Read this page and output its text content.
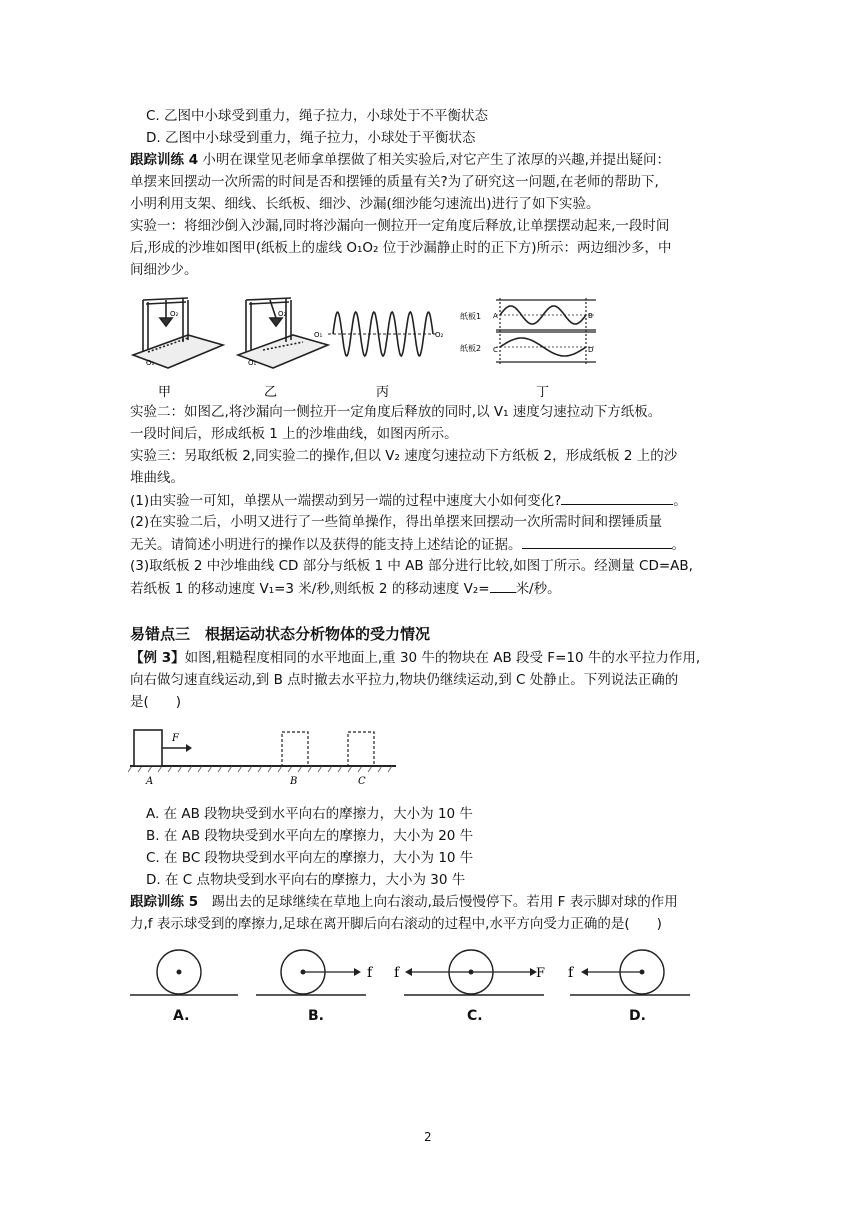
C. 乙图中小球受到重力，绳子拉力，小球处于不平衡状态
D. 乙图中小球受到重力，绳子拉力，小球处于平衡状态
跟踪训练 4 小明在课堂见老师拿单摆做了相关实验后,对它产生了浓厚的兴趣,并提出疑问：
单摆来回摆动一次所需的时间是否和摆锤的质量有关?为了研究这一问题,在老师的帮助下,
小明利用支架、细线、长纸板、细沙、沙漏(细沙能匀速流出)进行了如下实验。
实验一：将细沙倒入沙漏,同时将沙漏向一侧拉开一定角度后释放,让单摆摆动起来,一段时间
后,形成的沙堆如图甲(纸板上的虚线 O₁O₂ 位于沙漏静止时的正下方)所示：两边细沙多，中
间细沙少。
O₁
O₂
甲
O₁
O₂
乙
O₁	O₂
丙
纸板1
纸板2
A	B
C	D
丁
实验二：如图乙,将沙漏向一侧拉开一定角度后释放的同时,以 V₁ 速度匀速拉动下方纸板。
一段时间后，形成纸板 1 上的沙堆曲线，如图丙所示。
实验三：另取纸板 2,同实验二的操作,但以 V₂ 速度匀速拉动下方纸板 2，形成纸板 2 上的沙
堆曲线。
(1)由实验一可知，单摆从一端摆动到另一端的过程中速度大小如何变化?	。
(2)在实验二后，小明又进行了一些简单操作，得出单摆来回摆动一次所需时间和摆锤质量
无关。请简述小明进行的操作以及获得的能支持上述结论的证据。	。
(3)取纸板 2 中沙堆曲线 CD 部分与纸板 1 中 AB 部分进行比较,如图丁所示。经测量 CD=AB,
若纸板 1 的移动速度 V₁=3 米/秒,则纸板 2 的移动速度 V₂= 米/秒。
易错点三　根据运动状态分析物体的受力情况
【例 3】如图,粗糙程度相同的水平地面上,重 30 牛的物块在 AB 段受 F=10 牛的水平拉力作用,
向右做匀速直线运动,到 B 点时撤去水平拉力,物块仍继续运动,到 C 处静止。下列说法正确的
是(　　)
F
A	B	C
A. 在 AB 段物块受到水平向右的摩擦力，大小为 10 牛
B. 在 AB 段物块受到水平向左的摩擦力，大小为 20 牛
C. 在 BC 段物块受到水平向左的摩擦力，大小为 10 牛
D. 在 C 点物块受到水平向右的摩擦力，大小为 30 牛
跟踪训练 5　踢出去的足球继续在草地上向右滚动,最后慢慢停下。若用 F 表示脚对球的作用
力,f 表示球受到的摩擦力,足球在离开脚后向右滚动的过程中,水平方向受力正确的是(　　)
f f	F f
A.	B.	C.	D.
2
